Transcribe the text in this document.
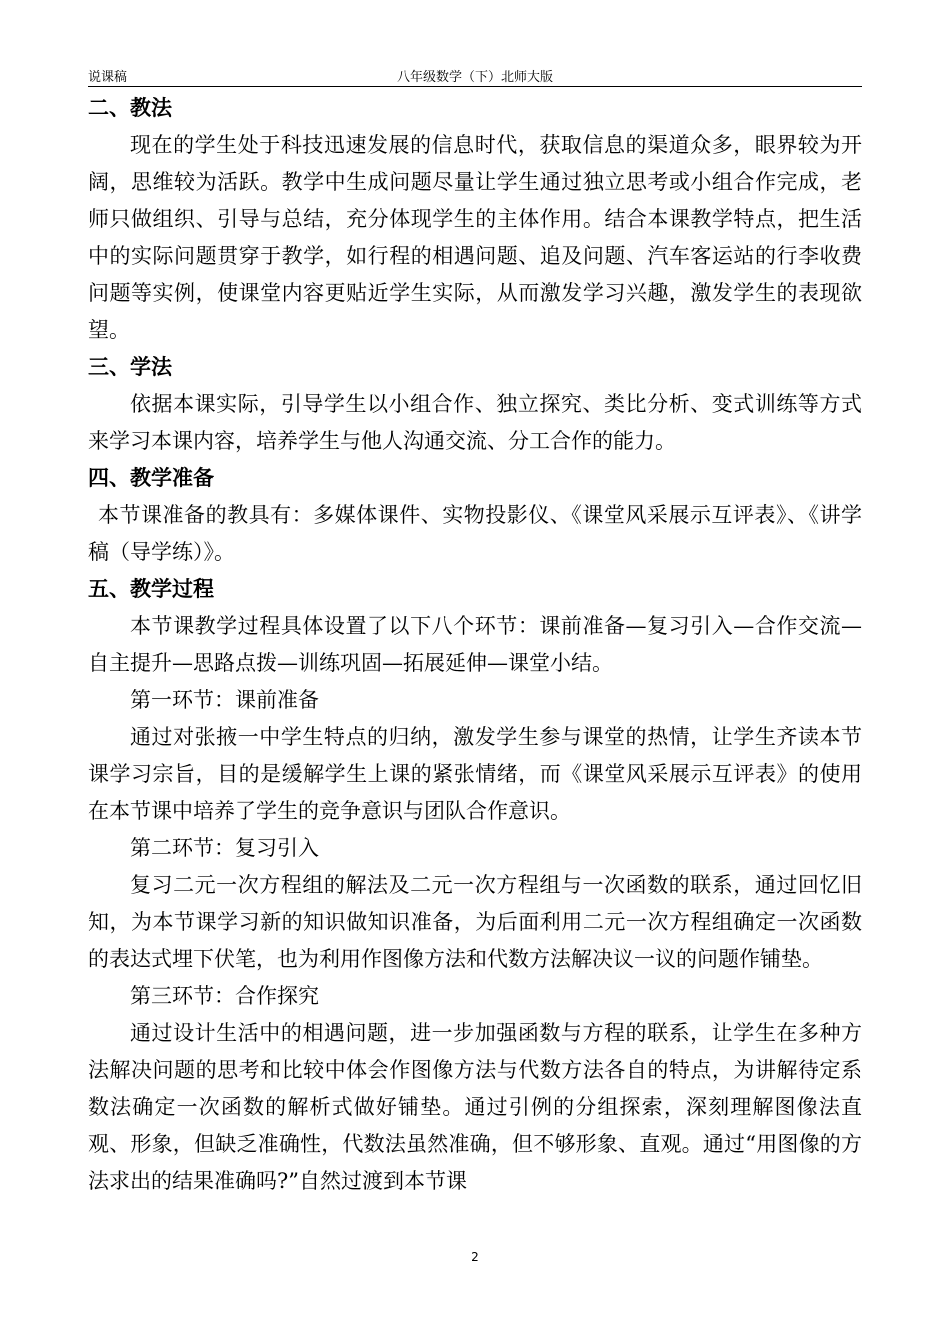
说课稿	八年级数学（下）北师大版
二、教法

现在的学生处于科技迅速发展的信息时代，获取信息的渠道众多，眼界较为开阔，思维较为活跃。教学中生成问题尽量让学生通过独立思考或小组合作完成，老师只做组织、引导与总结，充分体现学生的主体作用。结合本课教学特点，把生活中的实际问题贯穿于教学，如行程的相遇问题、追及问题、汽车客运站的行李收费问题等实例，使课堂内容更贴近学生实际，从而激发学习兴趣，激发学生的表现欲望。

三、学法

依据本课实际，引导学生以小组合作、独立探究、类比分析、变式训练等方式来学习本课内容，培养学生与他人沟通交流、分工合作的能力。

四、教学准备

本节课准备的教具有：多媒体课件、实物投影仪、《课堂风采展示互评表》、《讲学稿（导学练）》。

五、教学过程

本节课教学过程具体设置了以下八个环节：课前准备—复习引入—合作交流—自主提升—思路点拨—训练巩固—拓展延伸—课堂小结。

第一环节：课前准备

通过对张掖一中学生特点的归纳，激发学生参与课堂的热情，让学生齐读本节课学习宗旨，目的是缓解学生上课的紧张情绪，而《课堂风采展示互评表》的使用在本节课中培养了学生的竞争意识与团队合作意识。

第二环节：复习引入

复习二元一次方程组的解法及二元一次方程组与一次函数的联系，通过回忆旧知，为本节课学习新的知识做知识准备，为后面利用二元一次方程组确定一次函数的表达式埋下伏笔，也为利用作图像方法和代数方法解决议一议的问题作铺垫。

第三环节：合作探究

通过设计生活中的相遇问题，进一步加强函数与方程的联系，让学生在多种方法解决问题的思考和比较中体会作图像方法与代数方法各自的特点，为讲解待定系数法确定一次函数的解析式做好铺垫。通过引例的分组探索，深刻理解图像法直观、形象，但缺乏准确性，代数法虽然准确，但不够形象、直观。通过“用图像的方法求出的结果准确吗?”自然过渡到本节课

2
